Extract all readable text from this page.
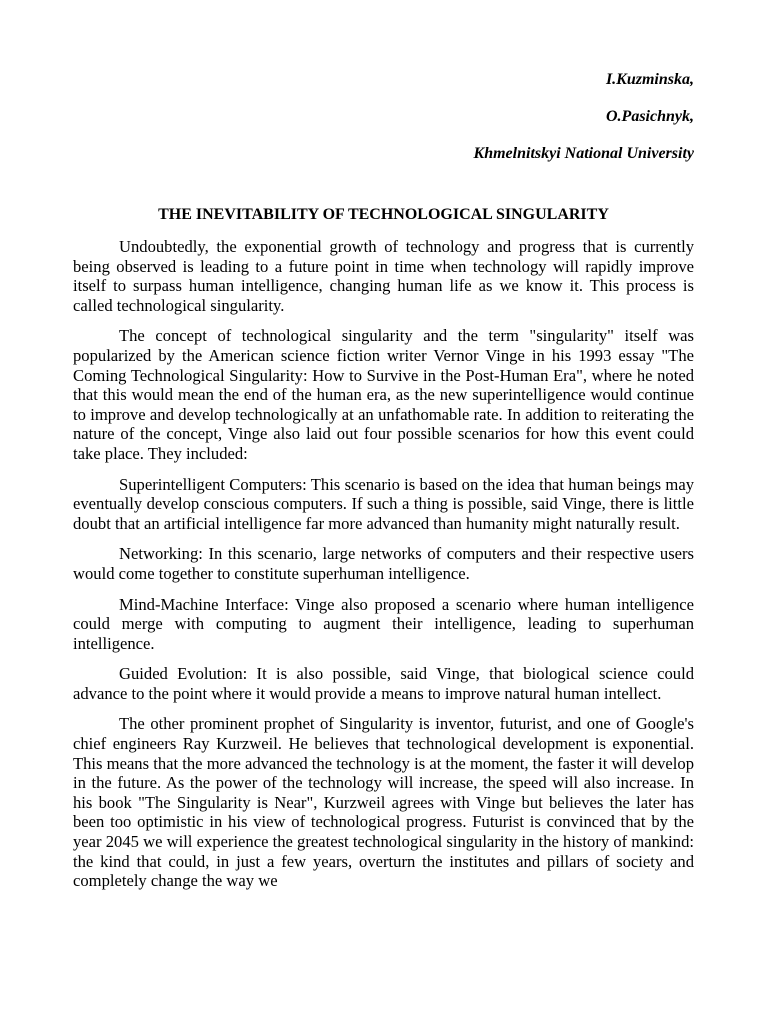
I.Kuzminska,
O.Pasichnyk,
Khmelnitskyi National University
THE INEVITABILITY OF TECHNOLOGICAL SINGULARITY

Undoubtedly, the exponential growth of technology and progress that is currently being observed is leading to a future point in time when technology will rapidly improve itself to surpass human intelligence, changing human life as we know it. This process is called technological singularity.

The concept of technological singularity and the term "singularity" itself was popularized by the American science fiction writer Vernor Vinge in his 1993 essay "The Coming Technological Singularity: How to Survive in the Post-Human Era", where he noted that this would mean the end of the human era, as the new superintelligence would continue to improve and develop technologically at an unfathomable rate. In addition to reiterating the nature of the concept, Vinge also laid out four possible scenarios for how this event could take place. They included:

Superintelligent Computers: This scenario is based on the idea that human beings may eventually develop conscious computers. If such a thing is possible, said Vinge, there is little doubt that an artificial intelligence far more advanced than humanity might naturally result.

Networking: In this scenario, large networks of computers and their respective users would come together to constitute superhuman intelligence.

Mind-Machine Interface: Vinge also proposed a scenario where human intelligence could merge with computing to augment their intelligence, leading to superhuman intelligence.

Guided Evolution: It is also possible, said Vinge, that biological science could advance to the point where it would provide a means to improve natural human intellect.

The other prominent prophet of Singularity is inventor, futurist, and one of Google's chief engineers Ray Kurzweil. He believes that technological development is exponential. This means that the more advanced the technology is at the moment, the faster it will develop in the future. As the power of the technology will increase, the speed will also increase. In his book "The Singularity is Near", Kurzweil agrees with Vinge but believes the later has been too optimistic in his view of technological progress. Futurist is convinced that by the year 2045 we will experience the greatest technological singularity in the history of mankind: the kind that could, in just a few years, overturn the institutes and pillars of society and completely change the way we
